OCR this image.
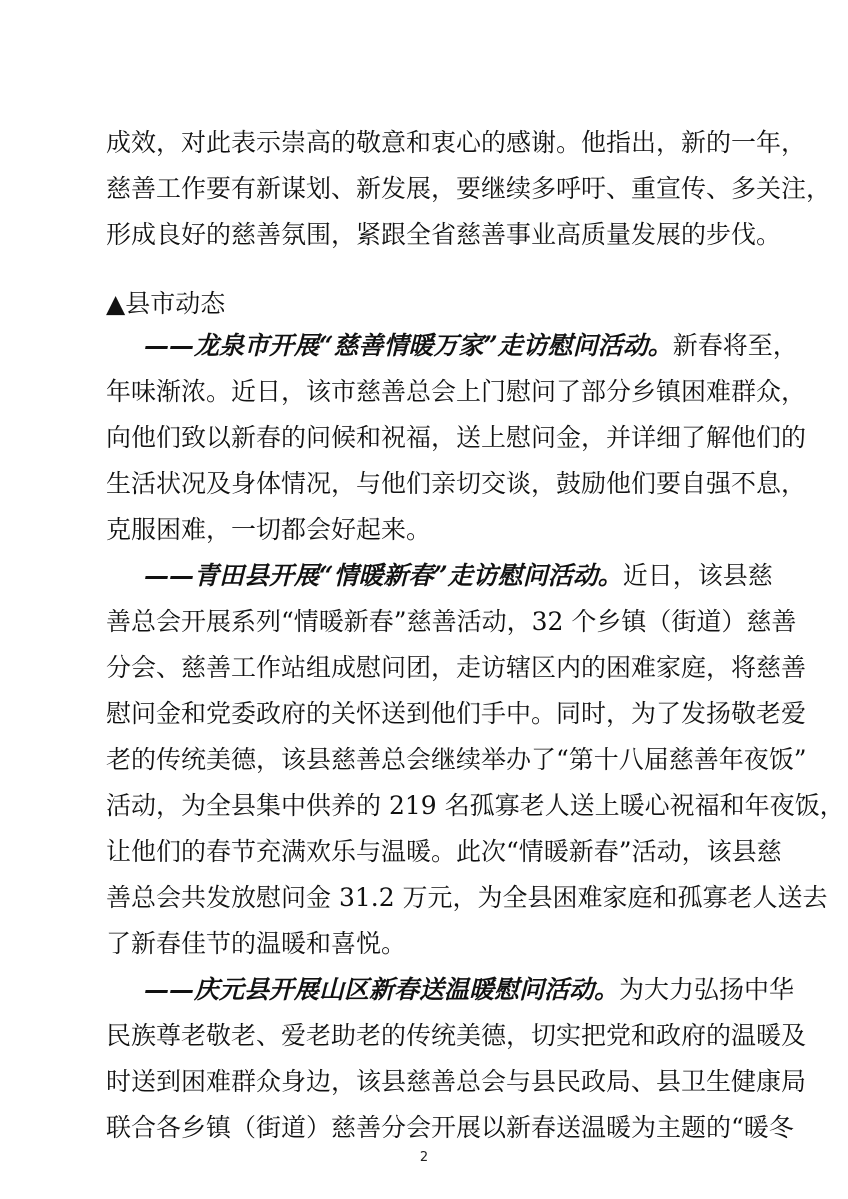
成效，对此表示崇高的敬意和衷心的感谢。他指出，新的一年，
慈善工作要有新谋划、新发展，要继续多呼吁、重宣传、多关注，
形成良好的慈善氛围，紧跟全省慈善事业高质量发展的步伐。
▲县市动态
——龙泉市开展“慈善情暖万家”走访慰问活动。新春将至，
年味渐浓。近日，该市慈善总会上门慰问了部分乡镇困难群众，
向他们致以新春的问候和祝福，送上慰问金，并详细了解他们的
生活状况及身体情况，与他们亲切交谈，鼓励他们要自强不息，
克服困难，一切都会好起来。
——青田县开展“情暖新春”走访慰问活动。近日，该县慈
善总会开展系列“情暖新春”慈善活动，32 个乡镇（街道）慈善
分会、慈善工作站组成慰问团，走访辖区内的困难家庭，将慈善
慰问金和党委政府的关怀送到他们手中。同时，为了发扬敬老爱
老的传统美德，该县慈善总会继续举办了“第十八届慈善年夜饭”
活动，为全县集中供养的 219 名孤寡老人送上暖心祝福和年夜饭，
让他们的春节充满欢乐与温暖。此次“情暖新春”活动，该县慈
善总会共发放慰问金 31.2 万元，为全县困难家庭和孤寡老人送去
了新春佳节的温暖和喜悦。
——庆元县开展山区新春送温暖慰问活动。为大力弘扬中华
民族尊老敬老、爱老助老的传统美德，切实把党和政府的温暖及
时送到困难群众身边，该县慈善总会与县民政局、县卫生健康局
联合各乡镇（街道）慈善分会开展以新春送温暖为主题的“暖冬
2
